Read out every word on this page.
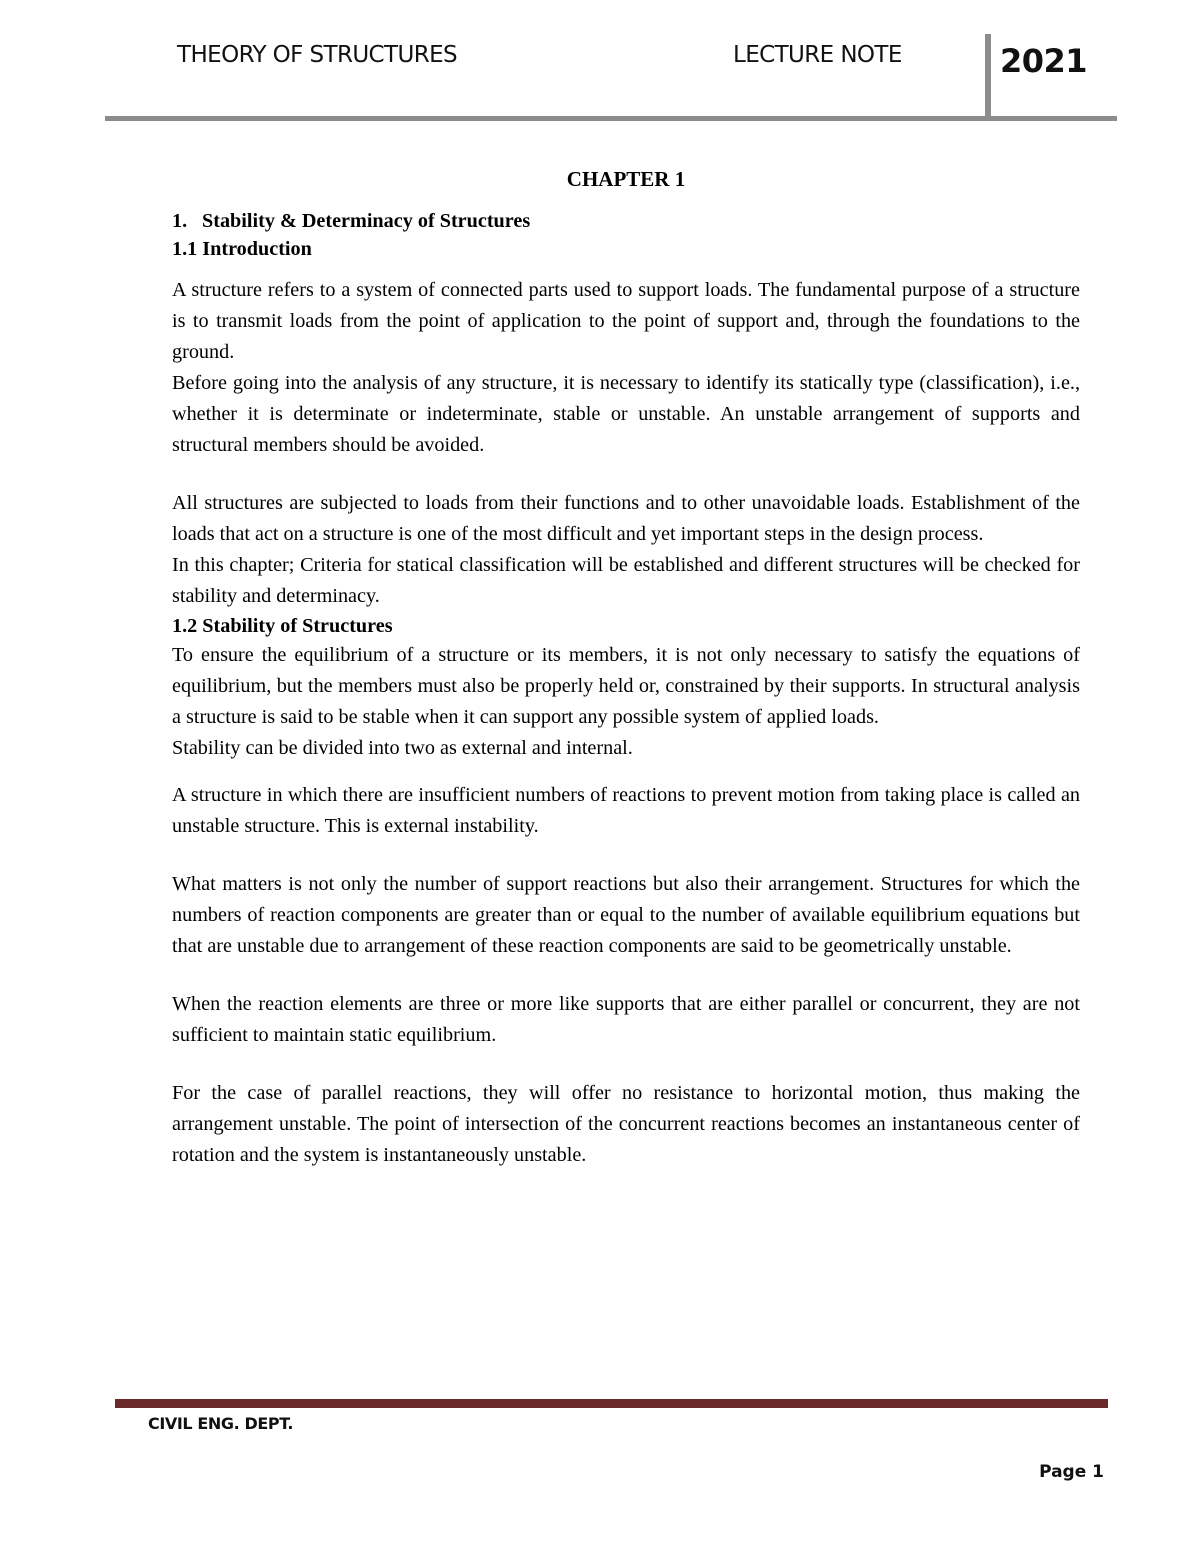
THEORY OF STRUCTURES	LECTURE NOTE	2021
CHAPTER 1
1. Stability & Determinacy of Structures
1.1 Introduction

A structure refers to a system of connected parts used to support loads. The fundamental purpose of a structure is to transmit loads from the point of application to the point of support and, through the foundations to the ground.

Before going into the analysis of any structure, it is necessary to identify its statically type (classification), i.e., whether it is determinate or indeterminate, stable or unstable. An unstable arrangement of supports and structural members should be avoided.

All structures are subjected to loads from their functions and to other unavoidable loads. Establishment of the loads that act on a structure is one of the most difficult and yet important steps in the design process.

In this chapter; Criteria for statical classification will be established and different structures will be checked for stability and determinacy.

1.2 Stability of Structures

To ensure the equilibrium of a structure or its members, it is not only necessary to satisfy the equations of equilibrium, but the members must also be properly held or, constrained by their supports. In structural analysis a structure is said to be stable when it can support any possible system of applied loads.

Stability can be divided into two as external and internal.

A structure in which there are insufficient numbers of reactions to prevent motion from taking place is called an unstable structure. This is external instability.

What matters is not only the number of support reactions but also their arrangement. Structures for which the numbers of reaction components are greater than or equal to the number of available equilibrium equations but that are unstable due to arrangement of these reaction components are said to be geometrically unstable.

When the reaction elements are three or more like supports that are either parallel or concurrent, they are not sufficient to maintain static equilibrium.

For the case of parallel reactions, they will offer no resistance to horizontal motion, thus making the arrangement unstable. The point of intersection of the concurrent reactions becomes an instantaneous center of rotation and the system is instantaneously unstable.

CIVIL ENG. DEPT.
Page 1
